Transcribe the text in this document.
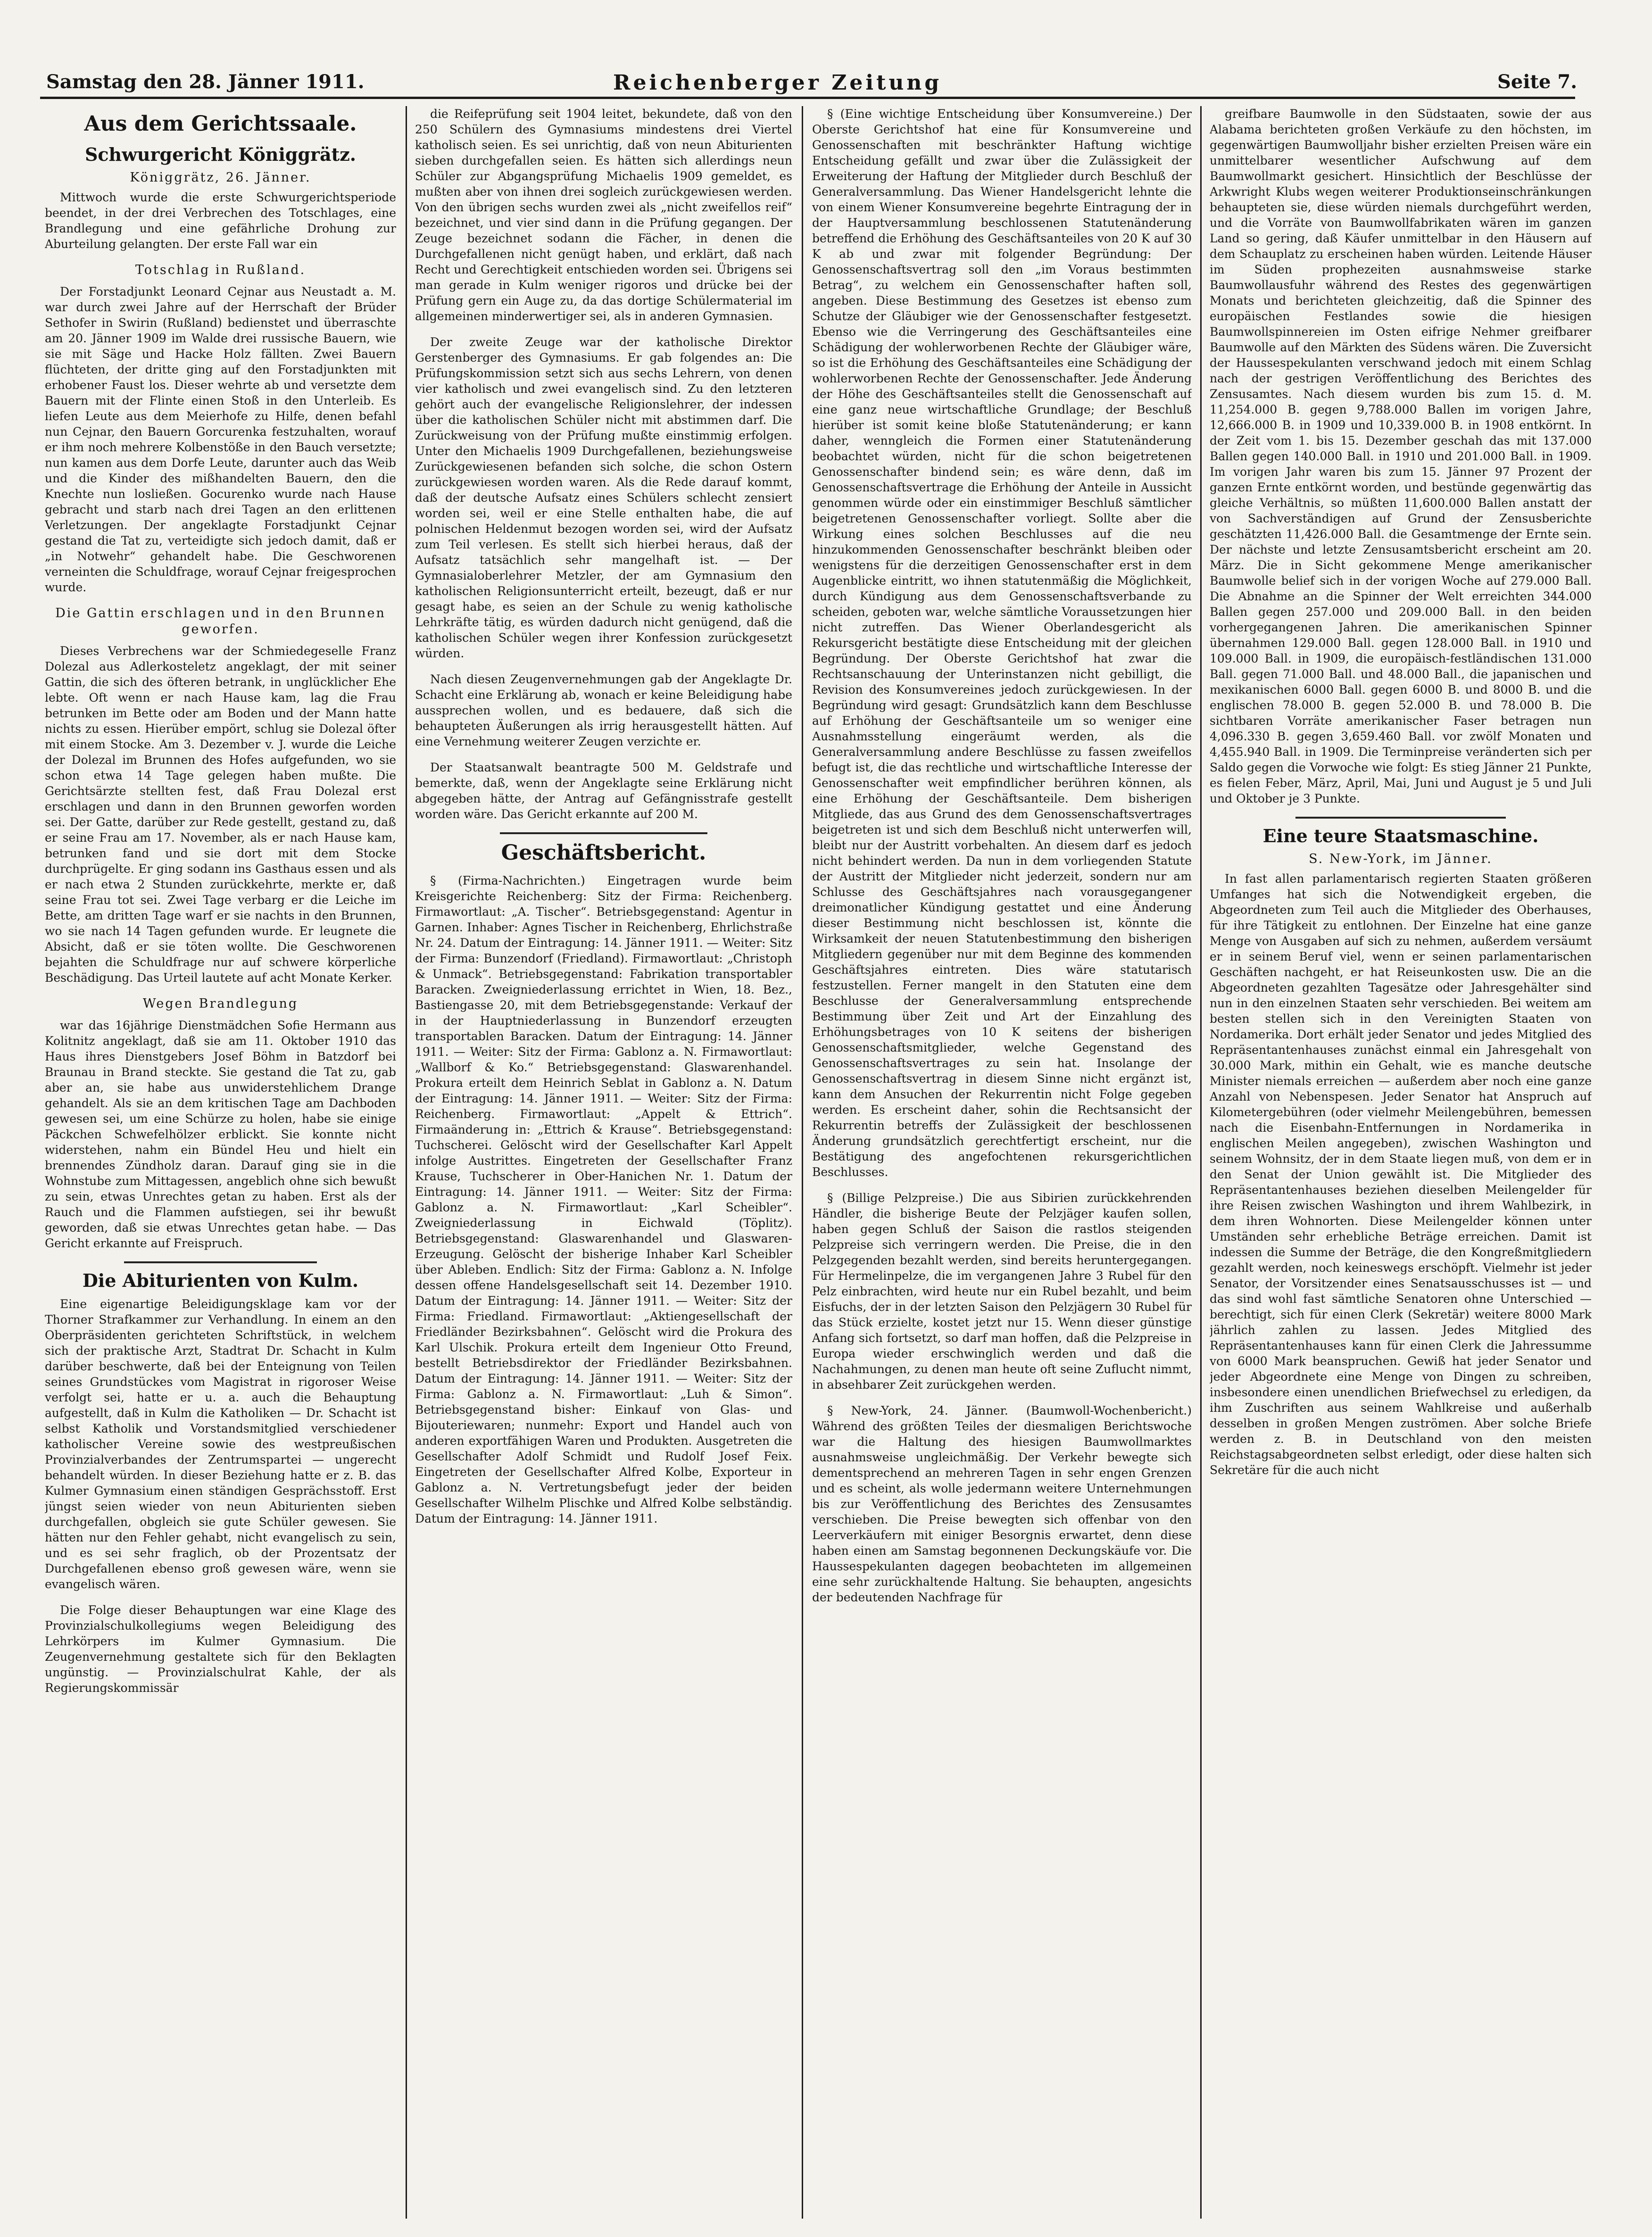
Samstag den 28. Jänner 1911.	Reichenberger Zeitung	Seite 7.
Aus dem Gerichtssaale.
Schwurgericht Königgrätz.
Königgrätz, 26. Jänner.

Mittwoch wurde die erste Schwurgerichtsperiode beendet, in der drei Verbrechen des Totschlages, eine Brandlegung und eine gefährliche Drohung zur Aburteilung gelangten. Der erste Fall war ein

Totschlag in Rußland.

Der Forstadjunkt Leonard Cejnar aus Neustadt a. M. war durch zwei Jahre auf der Herrschaft der Brüder Sethofer in Swirin (Rußland) bedienstet und überraschte am 20. Jänner 1909 im Walde drei russische Bauern, wie sie mit Säge und Hacke Holz fällten. Zwei Bauern flüchteten, der dritte ging auf den Forstadjunkten mit erhobener Faust los. Dieser wehrte ab und versetzte dem Bauern mit der Flinte einen Stoß in den Unterleib. Es liefen Leute aus dem Meierhofe zu Hilfe, denen befahl nun Cejnar, den Bauern Gorcurenka festzuhalten, worauf er ihm noch mehrere Kolbenstöße in den Bauch versetzte; nun kamen aus dem Dorfe Leute, darunter auch das Weib und die Kinder des mißhandelten Bauern, den die Knechte nun losließen. Gocurenko wurde nach Hause gebracht und starb nach drei Tagen an den erlittenen Verletzungen. Der angeklagte Forstadjunkt Cejnar gestand die Tat zu, verteidigte sich jedoch damit, daß er „in Notwehr“ gehandelt habe. Die Geschworenen verneinten die Schuldfrage, worauf Cejnar freigesprochen wurde.

Die Gattin erschlagen und in den Brunnen geworfen.

Dieses Verbrechens war der Schmiedegeselle Franz Dolezal aus Adlerkosteletz angeklagt, der mit seiner Gattin, die sich des öfteren betrank, in unglücklicher Ehe lebte. Oft wenn er nach Hause kam, lag die Frau betrunken im Bette oder am Boden und der Mann hatte nichts zu essen. Hierüber empört, schlug sie Dolezal öfter mit einem Stocke. Am 3. Dezember v. J. wurde die Leiche der Dolezal im Brunnen des Hofes aufgefunden, wo sie schon etwa 14 Tage gelegen haben mußte. Die Gerichtsärzte stellten fest, daß Frau Dolezal erst erschlagen und dann in den Brunnen geworfen worden sei. Der Gatte, darüber zur Rede gestellt, gestand zu, daß er seine Frau am 17. November, als er nach Hause kam, betrunken fand und sie dort mit dem Stocke durchprügelte. Er ging sodann ins Gasthaus essen und als er nach etwa 2 Stunden zurückkehrte, merkte er, daß seine Frau tot sei. Zwei Tage verbarg er die Leiche im Bette, am dritten Tage warf er sie nachts in den Brunnen, wo sie nach 14 Tagen gefunden wurde. Er leugnete die Absicht, daß er sie töten wollte. Die Geschworenen bejahten die Schuldfrage nur auf schwere körperliche Beschädigung. Das Urteil lautete auf acht Monate Kerker.

Wegen Brandlegung

war das 16jährige Dienstmädchen Sofie Hermann aus Kolitnitz angeklagt, daß sie am 11. Oktober 1910 das Haus ihres Dienstgebers Josef Böhm in Batzdorf bei Braunau in Brand steckte. Sie gestand die Tat zu, gab aber an, sie habe aus unwiderstehlichem Drange gehandelt. Als sie an dem kritischen Tage am Dachboden gewesen sei, um eine Schürze zu holen, habe sie einige Päckchen Schwefelhölzer erblickt. Sie konnte nicht widerstehen, nahm ein Bündel Heu und hielt ein brennendes Zündholz daran. Darauf ging sie in die Wohnstube zum Mittagessen, angeblich ohne sich bewußt zu sein, etwas Unrechtes getan zu haben. Erst als der Rauch und die Flammen aufstiegen, sei ihr bewußt geworden, daß sie etwas Unrechtes getan habe. — Das Gericht erkannte auf Freispruch.

Die Abiturienten von Kulm.

Eine eigenartige Beleidigungsklage kam vor der Thorner Strafkammer zur Verhandlung. In einem an den Oberpräsidenten gerichteten Schriftstück, in welchem sich der praktische Arzt, Stadtrat Dr. Schacht in Kulm darüber beschwerte, daß bei der Enteignung von Teilen seines Grundstückes vom Magistrat in rigoroser Weise verfolgt sei, hatte er u. a. auch die Behauptung aufgestellt, daß in Kulm die Katholiken — Dr. Schacht ist selbst Katholik und Vorstandsmitglied verschiedener katholischer Vereine sowie des westpreußischen Provinzialverbandes der Zentrumspartei — ungerecht behandelt würden. In dieser Beziehung hatte er z. B. das Kulmer Gymnasium einen ständigen Gesprächsstoff. Erst jüngst seien wieder von neun Abiturienten sieben durchgefallen, obgleich sie gute Schüler gewesen. Sie hätten nur den Fehler gehabt, nicht evangelisch zu sein, und es sei sehr fraglich, ob der Prozentsatz der Durchgefallenen ebenso groß gewesen wäre, wenn sie evangelisch wären.

Die Folge dieser Behauptungen war eine Klage des Provinzialschulkollegiums wegen Beleidigung des Lehrkörpers im Kulmer Gymnasium. Die Zeugenvernehmung gestaltete sich für den Beklagten ungünstig. — Provinzialschulrat Kahle, der als Regierungskommissär

die Reifeprüfung seit 1904 leitet, bekundete, daß von den 250 Schülern des Gymnasiums mindestens drei Viertel katholisch seien. Es sei unrichtig, daß von neun Abiturienten sieben durchgefallen seien. Es hätten sich allerdings neun Schüler zur Abgangsprüfung Michaelis 1909 gemeldet, es mußten aber von ihnen drei sogleich zurückgewiesen werden. Von den übrigen sechs wurden zwei als „nicht zweifellos reif“ bezeichnet, und vier sind dann in die Prüfung gegangen. Der Zeuge bezeichnet sodann die Fächer, in denen die Durchgefallenen nicht genügt haben, und erklärt, daß nach Recht und Gerechtigkeit entschieden worden sei. Übrigens sei man gerade in Kulm weniger rigoros und drücke bei der Prüfung gern ein Auge zu, da das dortige Schülermaterial im allgemeinen minderwertiger sei, als in anderen Gymnasien.

Der zweite Zeuge war der katholische Direktor Gerstenberger des Gymnasiums. Er gab folgendes an: Die Prüfungskommission setzt sich aus sechs Lehrern, von denen vier katholisch und zwei evangelisch sind. Zu den letzteren gehört auch der evangelische Religionslehrer, der indessen über die katholischen Schüler nicht mit abstimmen darf. Die Zurückweisung von der Prüfung mußte einstimmig erfolgen. Unter den Michaelis 1909 Durchgefallenen, beziehungsweise Zurückgewiesenen befanden sich solche, die schon Ostern zurückgewiesen worden waren. Als die Rede darauf kommt, daß der deutsche Aufsatz eines Schülers schlecht zensiert worden sei, weil er eine Stelle enthalten habe, die auf polnischen Heldenmut bezogen worden sei, wird der Aufsatz zum Teil verlesen. Es stellt sich hierbei heraus, daß der Aufsatz tatsächlich sehr mangelhaft ist. — Der Gymnasialoberlehrer Metzler, der am Gymnasium den katholischen Religionsunterricht erteilt, bezeugt, daß er nur gesagt habe, es seien an der Schule zu wenig katholische Lehrkräfte tätig, es würden dadurch nicht genügend, daß die katholischen Schüler wegen ihrer Konfession zurückgesetzt würden.

Nach diesen Zeugenvernehmungen gab der Angeklagte Dr. Schacht eine Erklärung ab, wonach er keine Beleidigung habe aussprechen wollen, und es bedauere, daß sich die behaupteten Äußerungen als irrig herausgestellt hätten. Auf eine Vernehmung weiterer Zeugen verzichte er.

Der Staatsanwalt beantragte 500 M. Geldstrafe und bemerkte, daß, wenn der Angeklagte seine Erklärung nicht abgegeben hätte, der Antrag auf Gefängnisstrafe gestellt worden wäre. Das Gericht erkannte auf 200 M.

Geschäftsbericht.

§ (Firma-Nachrichten.) Eingetragen wurde beim Kreisgerichte Reichenberg: Sitz der Firma: Reichenberg. Firmawortlaut: „A. Tischer“. Betriebsgegenstand: Agentur in Garnen. Inhaber: Agnes Tischer in Reichenberg, Ehrlichstraße Nr. 24. Datum der Eintragung: 14. Jänner 1911. — Weiter: Sitz der Firma: Bunzendorf (Friedland). Firmawortlaut: „Christoph & Unmack“. Betriebsgegenstand: Fabrikation transportabler Baracken. Zweigniederlassung errichtet in Wien, 18. Bez., Bastiengasse 20, mit dem Betriebsgegenstande: Verkauf der in der Hauptniederlassung in Bunzendorf erzeugten transportablen Baracken. Datum der Eintragung: 14. Jänner 1911. — Weiter: Sitz der Firma: Gablonz a. N. Firmawortlaut: „Wallborf & Ko.“ Betriebsgegenstand: Glaswarenhandel. Prokura erteilt dem Heinrich Seblat in Gablonz a. N. Datum der Eintragung: 14. Jänner 1911. — Weiter: Sitz der Firma: Reichenberg. Firmawortlaut: „Appelt & Ettrich“. Firmaänderung in: „Ettrich & Krause“. Betriebsgegenstand: Tuchscherei. Gelöscht wird der Gesellschafter Karl Appelt infolge Austrittes. Eingetreten der Gesellschafter Franz Krause, Tuchscherer in Ober-Hanichen Nr. 1. Datum der Eintragung: 14. Jänner 1911. — Weiter: Sitz der Firma: Gablonz a. N. Firmawortlaut: „Karl Scheibler“. Zweigniederlassung in Eichwald (Töplitz). Betriebsgegenstand: Glaswarenhandel und Glaswaren-Erzeugung. Gelöscht der bisherige Inhaber Karl Scheibler über Ableben. Endlich: Sitz der Firma: Gablonz a. N. Infolge dessen offene Handelsgesellschaft seit 14. Dezember 1910. Datum der Eintragung: 14. Jänner 1911. — Weiter: Sitz der Firma: Friedland. Firmawortlaut: „Aktiengesellschaft der Friedländer Bezirksbahnen“. Gelöscht wird die Prokura des Karl Ulschik. Prokura erteilt dem Ingenieur Otto Freund, bestellt Betriebsdirektor der Friedländer Bezirksbahnen. Datum der Eintragung: 14. Jänner 1911. — Weiter: Sitz der Firma: Gablonz a. N. Firmawortlaut: „Luh & Simon“. Betriebsgegenstand bisher: Einkauf von Glas- und Bijouteriewaren; nunmehr: Export und Handel auch von anderen exportfähigen Waren und Produkten. Ausgetreten die Gesellschafter Adolf Schmidt und Rudolf Josef Feix. Eingetreten der Gesellschafter Alfred Kolbe, Exporteur in Gablonz a. N. Vertretungsbefugt jeder der beiden Gesellschafter Wilhelm Plischke und Alfred Kolbe selbständig. Datum der Eintragung: 14. Jänner 1911.

§ (Eine wichtige Entscheidung über Konsumvereine.) Der Oberste Gerichtshof hat eine für Konsumvereine und Genossenschaften mit beschränkter Haftung wichtige Entscheidung gefällt und zwar über die Zulässigkeit der Erweiterung der Haftung der Mitglieder durch Beschluß der Generalversammlung. Das Wiener Handelsgericht lehnte die von einem Wiener Konsumvereine begehrte Eintragung der in der Hauptversammlung beschlossenen Statutenänderung betreffend die Erhöhung des Geschäftsanteiles von 20 K auf 30 K ab und zwar mit folgender Begründung: Der Genossenschaftsvertrag soll den „im Voraus bestimmten Betrag“, zu welchem ein Genossenschafter haften soll, angeben. Diese Bestimmung des Gesetzes ist ebenso zum Schutze der Gläubiger wie der Genossenschafter festgesetzt. Ebenso wie die Verringerung des Geschäftsanteiles eine Schädigung der wohlerworbenen Rechte der Gläubiger wäre, so ist die Erhöhung des Geschäftsanteiles eine Schädigung der wohlerworbenen Rechte der Genossenschafter. Jede Änderung der Höhe des Geschäftsanteiles stellt die Genossenschaft auf eine ganz neue wirtschaftliche Grundlage; der Beschluß hierüber ist somit keine bloße Statutenänderung; er kann daher, wenngleich die Formen einer Statutenänderung beobachtet würden, nicht für die schon beigetretenen Genossenschafter bindend sein; es wäre denn, daß im Genossenschaftsvertrage die Erhöhung der Anteile in Aussicht genommen würde oder ein einstimmiger Beschluß sämtlicher beigetretenen Genossenschafter vorliegt. Sollte aber die Wirkung eines solchen Beschlusses auf die neu hinzukommenden Genossenschafter beschränkt bleiben oder wenigstens für die derzeitigen Genossenschafter erst in dem Augenblicke eintritt, wo ihnen statutenmäßig die Möglichkeit, durch Kündigung aus dem Genossenschaftsverbande zu scheiden, geboten war, welche sämtliche Voraussetzungen hier nicht zutreffen. Das Wiener Oberlandesgericht als Rekursgericht bestätigte diese Entscheidung mit der gleichen Begründung. Der Oberste Gerichtshof hat zwar die Rechtsanschauung der Unterinstanzen nicht gebilligt, die Revision des Konsumvereines jedoch zurückgewiesen. In der Begründung wird gesagt: Grundsätzlich kann dem Beschlusse auf Erhöhung der Geschäftsanteile um so weniger eine Ausnahmsstellung eingeräumt werden, als die Generalversammlung andere Beschlüsse zu fassen zweifellos befugt ist, die das rechtliche und wirtschaftliche Interesse der Genossenschafter weit empfindlicher berühren können, als eine Erhöhung der Geschäftsanteile. Dem bisherigen Mitgliede, das aus Grund des dem Genossenschaftsvertrages beigetreten ist und sich dem Beschluß nicht unterwerfen will, bleibt nur der Austritt vorbehalten. An diesem darf es jedoch nicht behindert werden. Da nun in dem vorliegenden Statute der Austritt der Mitglieder nicht jederzeit, sondern nur am Schlusse des Geschäftsjahres nach vorausgegangener dreimonatlicher Kündigung gestattet und eine Änderung dieser Bestimmung nicht beschlossen ist, könnte die Wirksamkeit der neuen Statutenbestimmung den bisherigen Mitgliedern gegenüber nur mit dem Beginne des kommenden Geschäftsjahres eintreten. Dies wäre statutarisch festzustellen. Ferner mangelt in den Statuten eine dem Beschlusse der Generalversammlung entsprechende Bestimmung über Zeit und Art der Einzahlung des Erhöhungsbetrages von 10 K seitens der bisherigen Genossenschaftsmitglieder, welche Gegenstand des Genossenschaftsvertrages zu sein hat. Insolange der Genossenschaftsvertrag in diesem Sinne nicht ergänzt ist, kann dem Ansuchen der Rekurrentin nicht Folge gegeben werden. Es erscheint daher, sohin die Rechtsansicht der Rekurrentin betreffs der Zulässigkeit der beschlossenen Änderung grundsätzlich gerechtfertigt erscheint, nur die Bestätigung des angefochtenen rekursgerichtlichen Beschlusses.

§ (Billige Pelzpreise.) Die aus Sibirien zurückkehrenden Händler, die bisherige Beute der Pelzjäger kaufen sollen, haben gegen Schluß der Saison die rastlos steigenden Pelzpreise sich verringern werden. Die Preise, die in den Pelzgegenden bezahlt werden, sind bereits heruntergegangen. Für Hermelinpelze, die im vergangenen Jahre 3 Rubel für den Pelz einbrachten, wird heute nur ein Rubel bezahlt, und beim Eisfuchs, der in der letzten Saison den Pelzjägern 30 Rubel für das Stück erzielte, kostet jetzt nur 15. Wenn dieser günstige Anfang sich fortsetzt, so darf man hoffen, daß die Pelzpreise in Europa wieder erschwinglich werden und daß die Nachahmungen, zu denen man heute oft seine Zuflucht nimmt, in absehbarer Zeit zurückgehen werden.

§ New-York, 24. Jänner. (Baumwoll-Wochenbericht.) Während des größten Teiles der diesmaligen Berichtswoche war die Haltung des hiesigen Baumwollmarktes ausnahmsweise ungleichmäßig. Der Verkehr bewegte sich dementsprechend an mehreren Tagen in sehr engen Grenzen und es scheint, als wolle jedermann weitere Unternehmungen bis zur Veröffentlichung des Berichtes des Zensusamtes verschieben. Die Preise bewegten sich offenbar von den Leerverkäufern mit einiger Besorgnis erwartet, denn diese haben einen am Samstag begonnenen Deckungskäufe vor. Die Haussespekulanten dagegen beobachteten im allgemeinen eine sehr zurückhaltende Haltung. Sie behaupten, angesichts der bedeutenden Nachfrage für

greifbare Baumwolle in den Südstaaten, sowie der aus Alabama berichteten großen Verkäufe zu den höchsten, im gegenwärtigen Baumwolljahr bisher erzielten Preisen wäre ein unmittelbarer wesentlicher Aufschwung auf dem Baumwollmarkt gesichert. Hinsichtlich der Beschlüsse der Arkwright Klubs wegen weiterer Produktionseinschränkungen behaupteten sie, diese würden niemals durchgeführt werden, und die Vorräte von Baumwollfabrikaten wären im ganzen Land so gering, daß Käufer unmittelbar in den Häusern auf dem Schauplatz zu erscheinen haben würden. Leitende Häuser im Süden prophezeiten ausnahmsweise starke Baumwollausfuhr während des Restes des gegenwärtigen Monats und berichteten gleichzeitig, daß die Spinner des europäischen Festlandes sowie die hiesigen Baumwollspinnereien im Osten eifrige Nehmer greifbarer Baumwolle auf den Märkten des Südens wären. Die Zuversicht der Haussespekulanten verschwand jedoch mit einem Schlag nach der gestrigen Veröffentlichung des Berichtes des Zensusamtes. Nach diesem wurden bis zum 15. d. M. 11,254.000 B. gegen 9,788.000 Ballen im vorigen Jahre, 12,666.000 B. in 1909 und 10,339.000 B. in 1908 entkörnt. In der Zeit vom 1. bis 15. Dezember geschah das mit 137.000 Ballen gegen 140.000 Ball. in 1910 und 201.000 Ball. in 1909. Im vorigen Jahr waren bis zum 15. Jänner 97 Prozent der ganzen Ernte entkörnt worden, und bestünde gegenwärtig das gleiche Verhältnis, so müßten 11,600.000 Ballen anstatt der von Sachverständigen auf Grund der Zensusberichte geschätzten 11,426.000 Ball. die Gesamtmenge der Ernte sein. Der nächste und letzte Zensusamtsbericht erscheint am 20. März. Die in Sicht gekommene Menge amerikanischer Baumwolle belief sich in der vorigen Woche auf 279.000 Ball. Die Abnahme an die Spinner der Welt erreichten 344.000 Ballen gegen 257.000 und 209.000 Ball. in den beiden vorhergegangenen Jahren. Die amerikanischen Spinner übernahmen 129.000 Ball. gegen 128.000 Ball. in 1910 und 109.000 Ball. in 1909, die europäisch-festländischen 131.000 Ball. gegen 71.000 Ball. und 48.000 Ball., die japanischen und mexikanischen 6000 Ball. gegen 6000 B. und 8000 B. und die englischen 78.000 B. gegen 52.000 B. und 78.000 B. Die sichtbaren Vorräte amerikanischer Faser betragen nun 4,096.330 B. gegen 3,659.460 Ball. vor zwölf Monaten und 4,455.940 Ball. in 1909. Die Terminpreise veränderten sich per Saldo gegen die Vorwoche wie folgt: Es stieg Jänner 21 Punkte, es fielen Feber, März, April, Mai, Juni und August je 5 und Juli und Oktober je 3 Punkte.

Eine teure Staatsmaschine.
S. New-York, im Jänner.

In fast allen parlamentarisch regierten Staaten größeren Umfanges hat sich die Notwendigkeit ergeben, die Abgeordneten zum Teil auch die Mitglieder des Oberhauses, für ihre Tätigkeit zu entlohnen. Der Einzelne hat eine ganze Menge von Ausgaben auf sich zu nehmen, außerdem versäumt er in seinem Beruf viel, wenn er seinen parlamentarischen Geschäften nachgeht, er hat Reiseunkosten usw. Die an die Abgeordneten gezahlten Tagesätze oder Jahresgehälter sind nun in den einzelnen Staaten sehr verschieden. Bei weitem am besten stellen sich in den Vereinigten Staaten von Nordamerika. Dort erhält jeder Senator und jedes Mitglied des Repräsentantenhauses zunächst einmal ein Jahresgehalt von 30.000 Mark, mithin ein Gehalt, wie es manche deutsche Minister niemals erreichen — außerdem aber noch eine ganze Anzahl von Nebenspesen. Jeder Senator hat Anspruch auf Kilometergebühren (oder vielmehr Meilengebühren, bemessen nach die Eisenbahn-Entfernungen in Nordamerika in englischen Meilen angegeben), zwischen Washington und seinem Wohnsitz, der in dem Staate liegen muß, von dem er in den Senat der Union gewählt ist. Die Mitglieder des Repräsentantenhauses beziehen dieselben Meilengelder für ihre Reisen zwischen Washington und ihrem Wahlbezirk, in dem ihren Wohnorten. Diese Meilengelder können unter Umständen sehr erhebliche Beträge erreichen. Damit ist indessen die Summe der Beträge, die den Kongreßmitgliedern gezahlt werden, noch keineswegs erschöpft. Vielmehr ist jeder Senator, der Vorsitzender eines Senatsausschusses ist — und das sind wohl fast sämtliche Senatoren ohne Unterschied — berechtigt, sich für einen Clerk (Sekretär) weitere 8000 Mark jährlich zahlen zu lassen. Jedes Mitglied des Repräsentantenhauses kann für einen Clerk die Jahressumme von 6000 Mark beanspruchen. Gewiß hat jeder Senator und jeder Abgeordnete eine Menge von Dingen zu schreiben, insbesondere einen unendlichen Briefwechsel zu erledigen, da ihm Zuschriften aus seinem Wahlkreise und außerhalb desselben in großen Mengen zuströmen. Aber solche Briefe werden z. B. in Deutschland von den meisten Reichstagsabgeordneten selbst erledigt, oder diese halten sich Sekretäre für die auch nicht
